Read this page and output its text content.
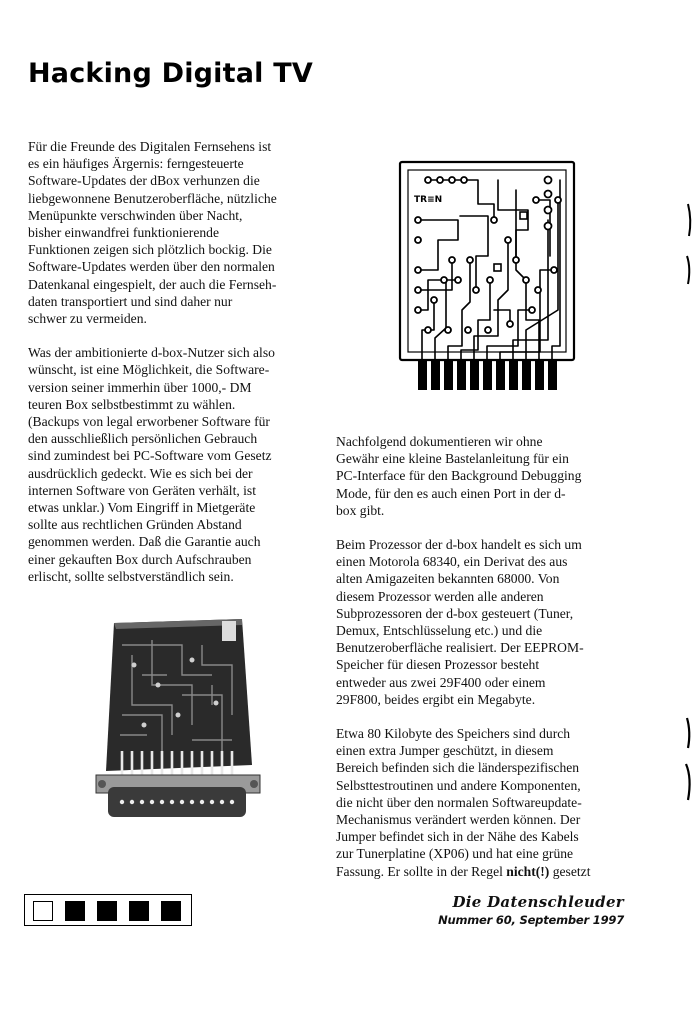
Hacking Digital TV

Für die Freunde des Digitalen Fernsehens ist
es ein häufiges Ärgernis: ferngesteuerte
Software-Updates der dBox verhunzen die
liebgewonnene Benutzeroberfläche, nützliche
Menüpunkte verschwinden über Nacht,
bisher einwandfrei funktionierende
Funktionen zeigen sich plötzlich bockig. Die
Software-Updates werden über den normalen
Datenkanal eingespielt, der auch die Fernseh-
daten transportiert und sind daher nur
schwer zu vermeiden.

Was der ambitionierte d-box-Nutzer sich also
wünscht, ist eine Möglichkeit, die Software-
version seiner immerhin über 1000,- DM
teuren Box selbstbestimmt zu wählen.
(Backups von legal erworbener Software für
den ausschließlich persönlichen Gebrauch
sind zumindest bei PC-Software vom Gesetz
ausdrücklich gedeckt. Wie es sich bei der
internen Software von Geräten verhält, ist
etwas unklar.) Vom Eingriff in Mietgeräte
sollte aus rechtlichen Gründen Abstand
genommen werden. Daß die Garantie auch
einer gekauften Box durch Aufschrauben
erlischt, sollte selbstverständlich sein.

Nachfolgend dokumentieren wir ohne
Gewähr eine kleine Bastelanleitung für ein
PC-Interface für den Background Debugging
Mode, für den es auch einen Port in der d-
box gibt.

Beim Prozessor der d-box handelt es sich um
einen Motorola 68340, ein Derivat des aus
alten Amigazeiten bekannten 68000. Von
diesem Prozessor werden alle anderen
Subprozessoren der d-box gesteuert (Tuner,
Demux, Entschlüsselung etc.) und die
Benutzeroberfläche realisiert. Der EEPROM-
Speicher für diesen Prozessor besteht
entweder aus zwei 29F400 oder einem
29F800, beides ergibt ein Megabyte.

Etwa 80 Kilobyte des Speichers sind durch
einen extra Jumper geschützt, in diesem
Bereich befinden sich die länderspezifischen
Selbsttestroutinen und andere Komponenten,
die nicht über den normalen Softwareupdate-
Mechanismus verändert werden können. Der
Jumper befindet sich in der Nähe des Kabels
zur Tunerplatine (XP06) und hat eine grüne
Fassung. Er sollte in der Regel nicht(!) gesetzt

TR≡N
Die Datenschleuder
Nummer 60, September 1997
